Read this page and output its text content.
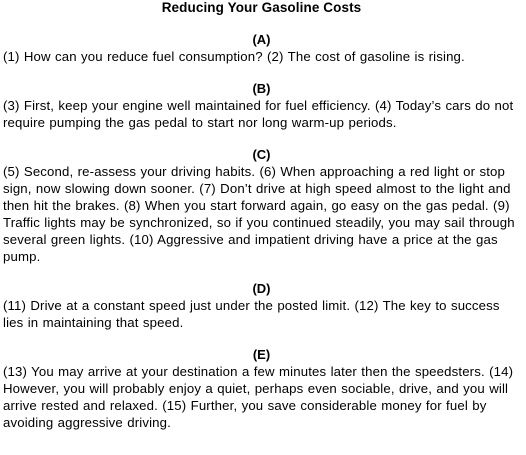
Reducing Your Gasoline Costs

(A)

(1) How can you reduce fuel consumption? (2) The cost of gasoline is rising.

(B)

(3) First, keep your engine well maintained for fuel efficiency. (4) Today’s cars do not require pumping the gas pedal to start nor long warm-up periods.

(C)

(5) Second, re-assess your driving habits. (6) When approaching a red light or stop sign, now slowing down sooner. (7) Don’t drive at high speed almost to the light and then hit the brakes. (8) When you start forward again, go easy on the gas pedal. (9) Traffic lights may be synchronized, so if you continued steadily, you may sail through several green lights. (10) Aggressive and impatient driving have a price at the gas pump.

(D)

(11) Drive at a constant speed just under the posted limit. (12) The key to success lies in maintaining that speed.

(E)

(13) You may arrive at your destination a few minutes later then the speedsters. (14) However, you will probably enjoy a quiet, perhaps even sociable, drive, and you will arrive rested and relaxed. (15) Further, you save considerable money for fuel by avoiding aggressive driving.
